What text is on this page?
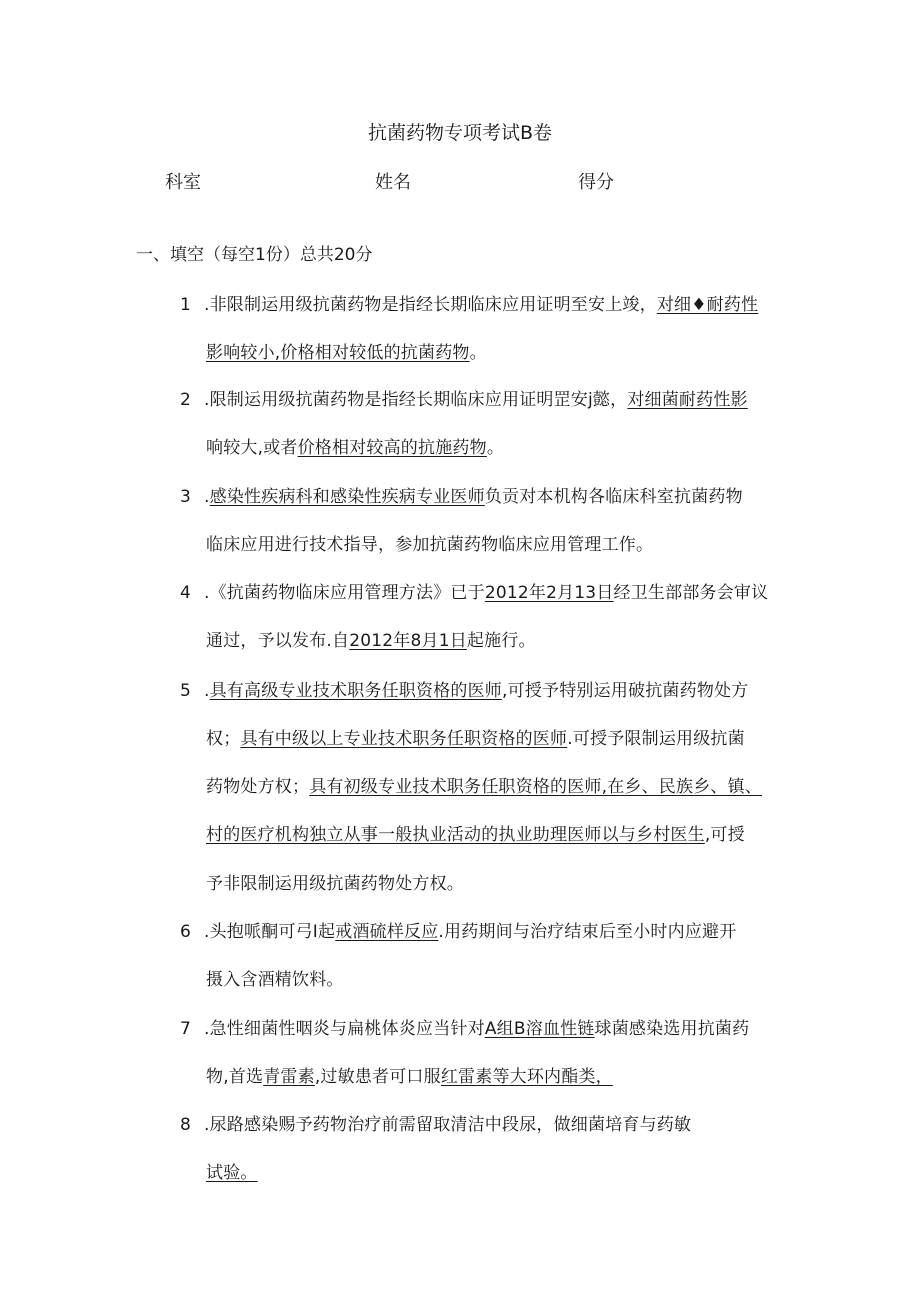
抗菌药物专项考试B卷
科室	姓名	得分
一、填空（每空1份）总共20分
1 .非限制运用级抗菌药物是指经长期临床应用证明至安上竣，对细♦耐药性
影响较小,价格相对较低的抗菌药物。
2 .限制运用级抗菌药物是指经长期临床应用证明罡安j懿，对细菌耐药性影
响较大,或者价格相对较高的抗施药物。
3 .感染性疾病科和感染性疾病专业医师负贡对本机构各临床科室抗菌药物
临床应用进行技术指导，参加抗菌药物临床应用管理工作。
4 .《抗菌药物临床应用管理方法》已于2012年2月13日经卫生部部务会审议
通过，予以发布.自2012年8月1日起施行。
5 .具有高级专业技术职务任职资格的医师,可授予特别运用破抗菌药物处方
权；具有中级以上专业技术职务任职资格的医师.可授予限制运用级抗菌
药物处方权；具有初级专业技术职务任职资格的医师,在乡、民族乡、镇、
村的医疗机构独立从事一般执业活动的执业助理医师以与乡村医生,可授
予非限制运用级抗菌药物处方权。
6 .头抱哌酮可弓I起戒酒硫样反应.用药期间与治疗结束后至小时内应避开
摄入含酒精饮料。
7 .急性细菌性咽炎与扁桃体炎应当针对A组B溶血性链球菌感染选用抗菌药
物,首选青雷素,过敏患者可口服红雷素等大环内酯类，
8 .尿路感染赐予药物治疗前需留取清洁中段尿，做细菌培育与药敏
试验。
